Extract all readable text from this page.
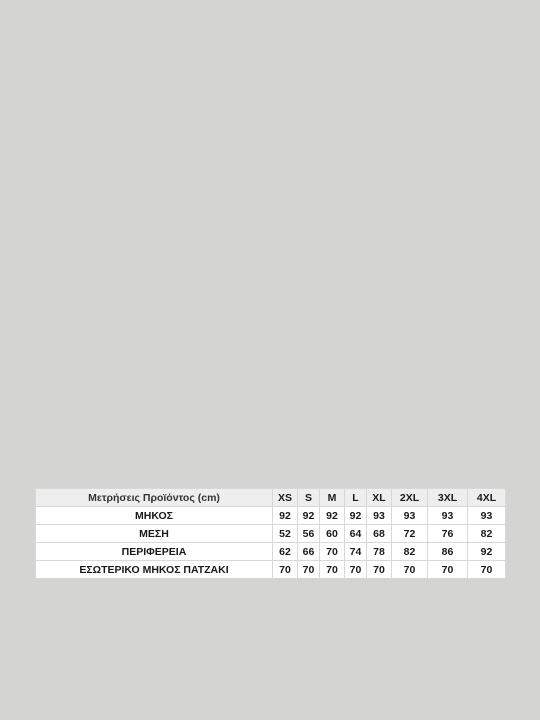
Μετρήσεις Προϊόντος (cm)	XS	S	M	L	XL	2XL	3XL	4XL
ΜΗΚΟΣ	92	92	92	92	93	93	93	93
ΜΕΣΗ	52	56	60	64	68	72	76	82
ΠΕΡΙΦΕΡΕΙΑ	62	66	70	74	78	82	86	92
ΕΣΩΤΕΡΙΚΟ ΜΗΚΟΣ ΠΑΤΖΑΚΙ	70	70	70	70	70	70	70	70
